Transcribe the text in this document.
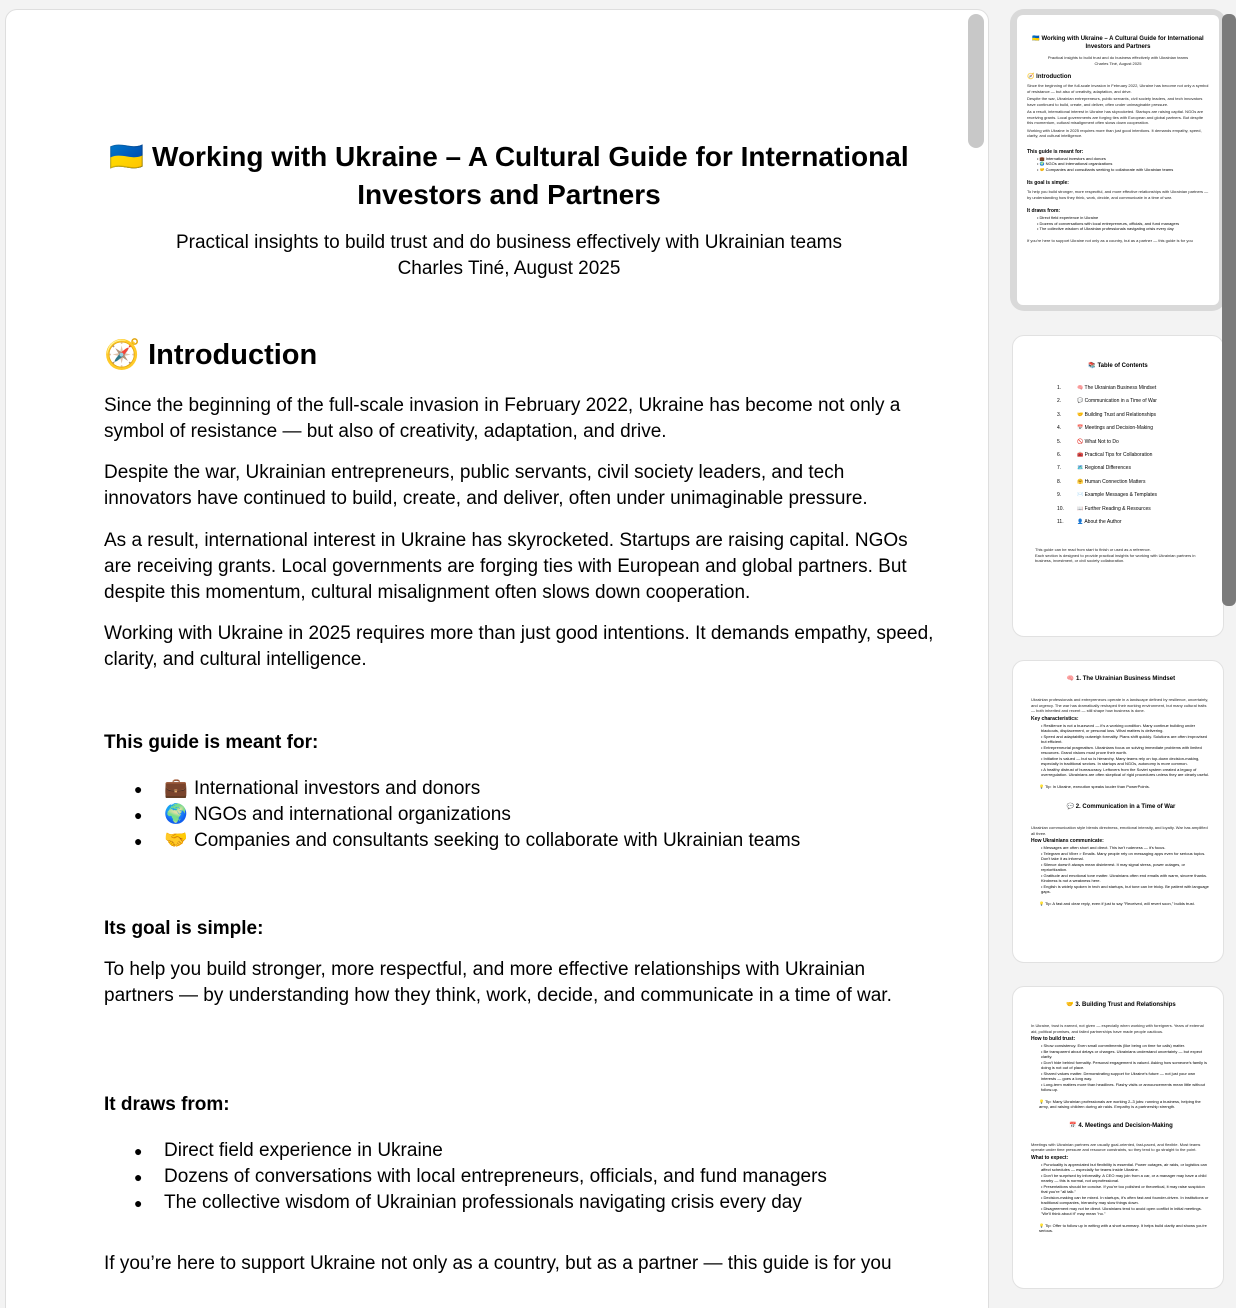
🇺🇦 Working with Ukraine – A Cultural Guide for International Investors and Partners
Practical insights to build trust and do business effectively with Ukrainian teams
Charles Tiné, August 2025
🧭 Introduction

Since the beginning of the full-scale invasion in February 2022, Ukraine has become not only a symbol of resistance — but also of creativity, adaptation, and drive.

Despite the war, Ukrainian entrepreneurs, public servants, civil society leaders, and tech innovators have continued to build, create, and deliver, often under unimaginable pressure.

As a result, international interest in Ukraine has skyrocketed. Startups are raising capital. NGOs are receiving grants. Local governments are forging ties with European and global partners. But despite this momentum, cultural misalignment often slows down cooperation.

Working with Ukraine in 2025 requires more than just good intentions. It demands empathy, speed, clarity, and cultural intelligence.

This guide is meant for:
●	💼 International investors and donors
●	🌍 NGOs and international organizations
●	🤝 Companies and consultants seeking to collaborate with Ukrainian teams
Its goal is simple:

To help you build stronger, more respectful, and more effective relationships with Ukrainian partners — by understanding how they think, work, decide, and communicate in a time of war.

It draws from:
●	Direct field experience in Ukraine
●	Dozens of conversations with local entrepreneurs, officials, and fund managers
●	The collective wisdom of Ukrainian professionals navigating crisis every day

If you’re here to support Ukraine not only as a country, but as a partner — this guide is for you

🇺🇦 Working with Ukraine – A Cultural Guide for International Investors and Partners
Practical insights to build trust and do business effectively with Ukrainian teams
Charles Tiné, August 2025
🧭 Introduction
Since the beginning of the full-scale invasion in February 2022, Ukraine has become not only a symbol of resistance — but also of creativity, adaptation, and drive.
Despite the war, Ukrainian entrepreneurs, public servants, civil society leaders, and tech innovators have continued to build, create, and deliver, often under unimaginable pressure.
As a result, international interest in Ukraine has skyrocketed. Startups are raising capital. NGOs are receiving grants. Local governments are forging ties with European and global partners. But despite this momentum, cultural misalignment often slows down cooperation.
Working with Ukraine in 2025 requires more than just good intentions. It demands empathy, speed, clarity, and cultural intelligence.
This guide is meant for:
• 💼 International investors and donors
• 🌍 NGOs and international organizations
• 🤝 Companies and consultants seeking to collaborate with Ukrainian teams
Its goal is simple:
To help you build stronger, more respectful, and more effective relationships with Ukrainian partners — by understanding how they think, work, decide, and communicate in a time of war.
It draws from:
• Direct field experience in Ukraine
• Dozens of conversations with local entrepreneurs, officials, and fund managers
• The collective wisdom of Ukrainian professionals navigating crisis every day
If you’re here to support Ukraine not only as a country, but as a partner — this guide is for you
📚 Table of Contents
1.	🧠 The Ukrainian Business Mindset
2.	💬 Communication in a Time of War
3.	🤝 Building Trust and Relationships
4.	📅 Meetings and Decision-Making
5.	🚫 What Not to Do
6.	🧰 Practical Tips for Collaboration
7.	🗺️ Regional Differences
8.	🤗 Human Connection Matters
9.	✉️ Example Messages & Templates
10.	📖 Further Reading & Resources
11.	👤 About the Author
This guide can be read from start to finish or used as a reference.
Each section is designed to provide practical insights for working with Ukrainian partners in business, investment, or civil society collaboration.
🧠 1. The Ukrainian Business Mindset
Ukrainian professionals and entrepreneurs operate in a landscape defined by resilience, uncertainty, and urgency. The war has dramatically reshaped their working environment, but many cultural traits — both inherited and recent — still shape how business is done.
Key characteristics:
• Resilience is not a buzzword — it's a working condition. Many continue building under blackouts, displacement, or personal loss. What matters is delivering.
• Speed and adaptability outweigh formality. Plans shift quickly. Solutions are often improvised but efficient.
• Entrepreneurial pragmatism. Ukrainians focus on solving immediate problems with limited resources. Grand visions must prove their worth.
• Initiative is valued — but so is hierarchy. Many teams rely on top-down decision-making, especially in traditional sectors. In startups and NGOs, autonomy is more common.
• A healthy distrust of bureaucracy. Leftovers from the Soviet system created a legacy of overregulation. Ukrainians are often skeptical of rigid procedures unless they are clearly useful.
💡 Tip: In Ukraine, execution speaks louder than PowerPoints.
💬 2. Communication in a Time of War
Ukrainian communication style blends directness, emotional intensity, and loyalty. War has amplified all three.
How Ukrainians communicate:
• Messages are often short and direct. This isn't rudeness — it's focus.
• Telegram and Viber > Emails. Many people rely on messaging apps even for serious topics. Don't take it as informal.
• Silence doesn't always mean disinterest. It may signal stress, power outages, or reprioritization.
• Gratitude and emotional tone matter. Ukrainians often end emails with warm, sincere thanks. Kindness is not a weakness here.
• English is widely spoken in tech and startups, but tone can be tricky. Be patient with language gaps.
💡 Tip: A fast and clear reply, even if just to say "Received, will revert soon," builds trust.
🤝 3. Building Trust and Relationships
In Ukraine, trust is earned, not given — especially when working with foreigners. Years of external aid, political promises, and failed partnerships have made people cautious.
How to build trust:
• Show consistency. Even small commitments (like being on time for calls) matter.
• Be transparent about delays or changes. Ukrainians understand uncertainty — but expect clarity.
• Don't hide behind formality. Personal engagement is valued. Asking how someone's family is doing is not out of place.
• Shared values matter. Demonstrating support for Ukraine's future — not just your own interests — goes a long way.
• Long-term matters more than headlines. Flashy visits or announcements mean little without follow-up.
💡 Tip: Many Ukrainian professionals are working 2–3 jobs: running a business, helping the army, and raising children during air raids. Empathy is a partnership strength.
📅 4. Meetings and Decision-Making
Meetings with Ukrainian partners are usually goal-oriented, fast-paced, and flexible. Most teams operate under time pressure and resource constraints, so they tend to go straight to the point.
What to expect:
• Punctuality is appreciated but flexibility is essential. Power outages, air raids, or logistics can affect schedules — especially for teams inside Ukraine.
• Don't be surprised by informality. A CEO may join from a car, or a manager may have a child nearby — this is normal, not unprofessional.
• Presentations should be concise. If you're too polished or theoretical, it may raise suspicion that you're "all talk."
• Decision-making can be mixed. In startups, it's often fast and founder-driven. In institutions or traditional companies, hierarchy may slow things down.
• Disagreement may not be direct. Ukrainians tend to avoid open conflict in initial meetings. "We'll think about it" may mean "no."
💡 Tip: Offer to follow up in writing with a short summary. It helps build clarity and shows you're serious.
